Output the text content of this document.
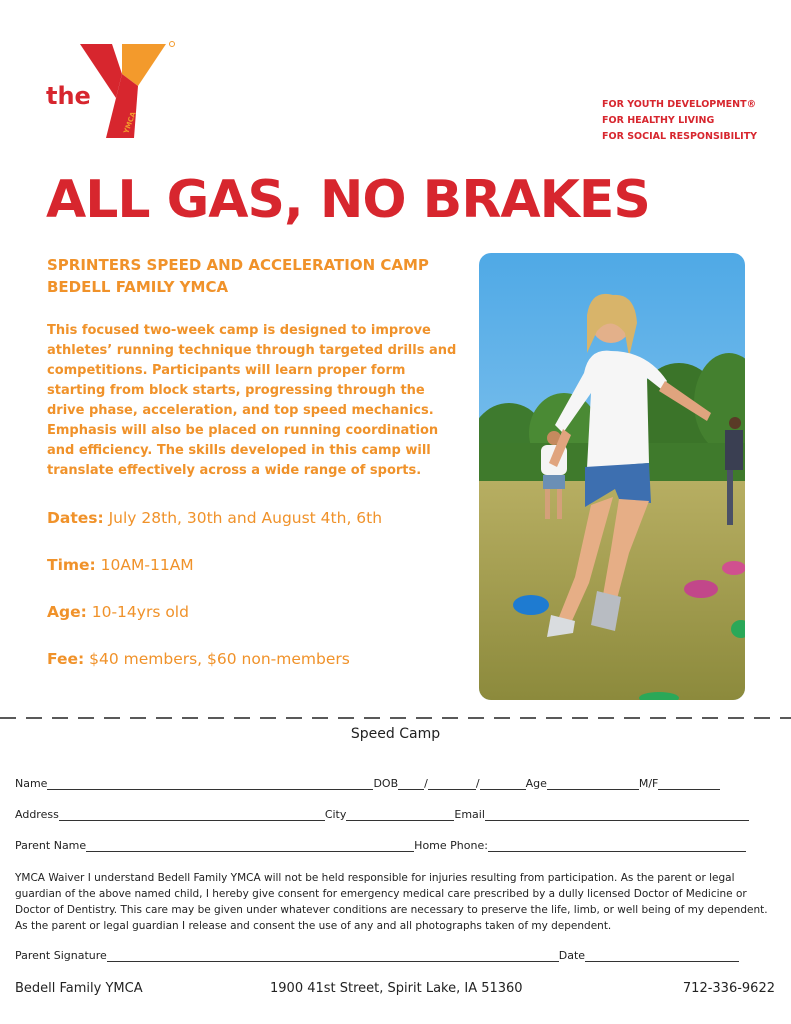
the
YMCA
FOR YOUTH DEVELOPMENT®
FOR HEALTHY LIVING
FOR SOCIAL RESPONSIBILITY
ALL GAS, NO BRAKES
SPRINTERS SPEED AND ACCELERATION CAMP
BEDELL FAMILY YMCA
This focused two-week camp is designed to improve athletes’ running technique through targeted drills and competitions. Participants will learn proper form starting from block starts, progressing through the drive phase, acceleration, and top speed mechanics. Emphasis will also be placed on running coordination and efficiency. The skills developed in this camp will translate effectively across a wide range of sports.
Dates: July 28th, 30th and August 4th, 6th
Time: 10AM-11AM
Age: 10-14yrs old
Fee: $40 members, $60 non-members
Speed Camp
Name	DOB /	/	Age	M/F
Address	City	Email
Parent Name	Home Phone:
YMCA Waiver I understand Bedell Family YMCA will not be held responsible for injuries resulting from participation. As the parent or legal guardian of the above named child, I hereby give consent for emergency medical care prescribed by a dully licensed Doctor of Medicine or Doctor of Dentistry. This care may be given under whatever conditions are necessary to preserve the life, limb, or well being of my dependent. As the parent or legal guardian I release and consent the use of any and all photographs taken of my dependent.
Parent Signature	Date
Bedell Family YMCA	1900 41st Street, Spirit Lake, IA 51360	712-336-9622
